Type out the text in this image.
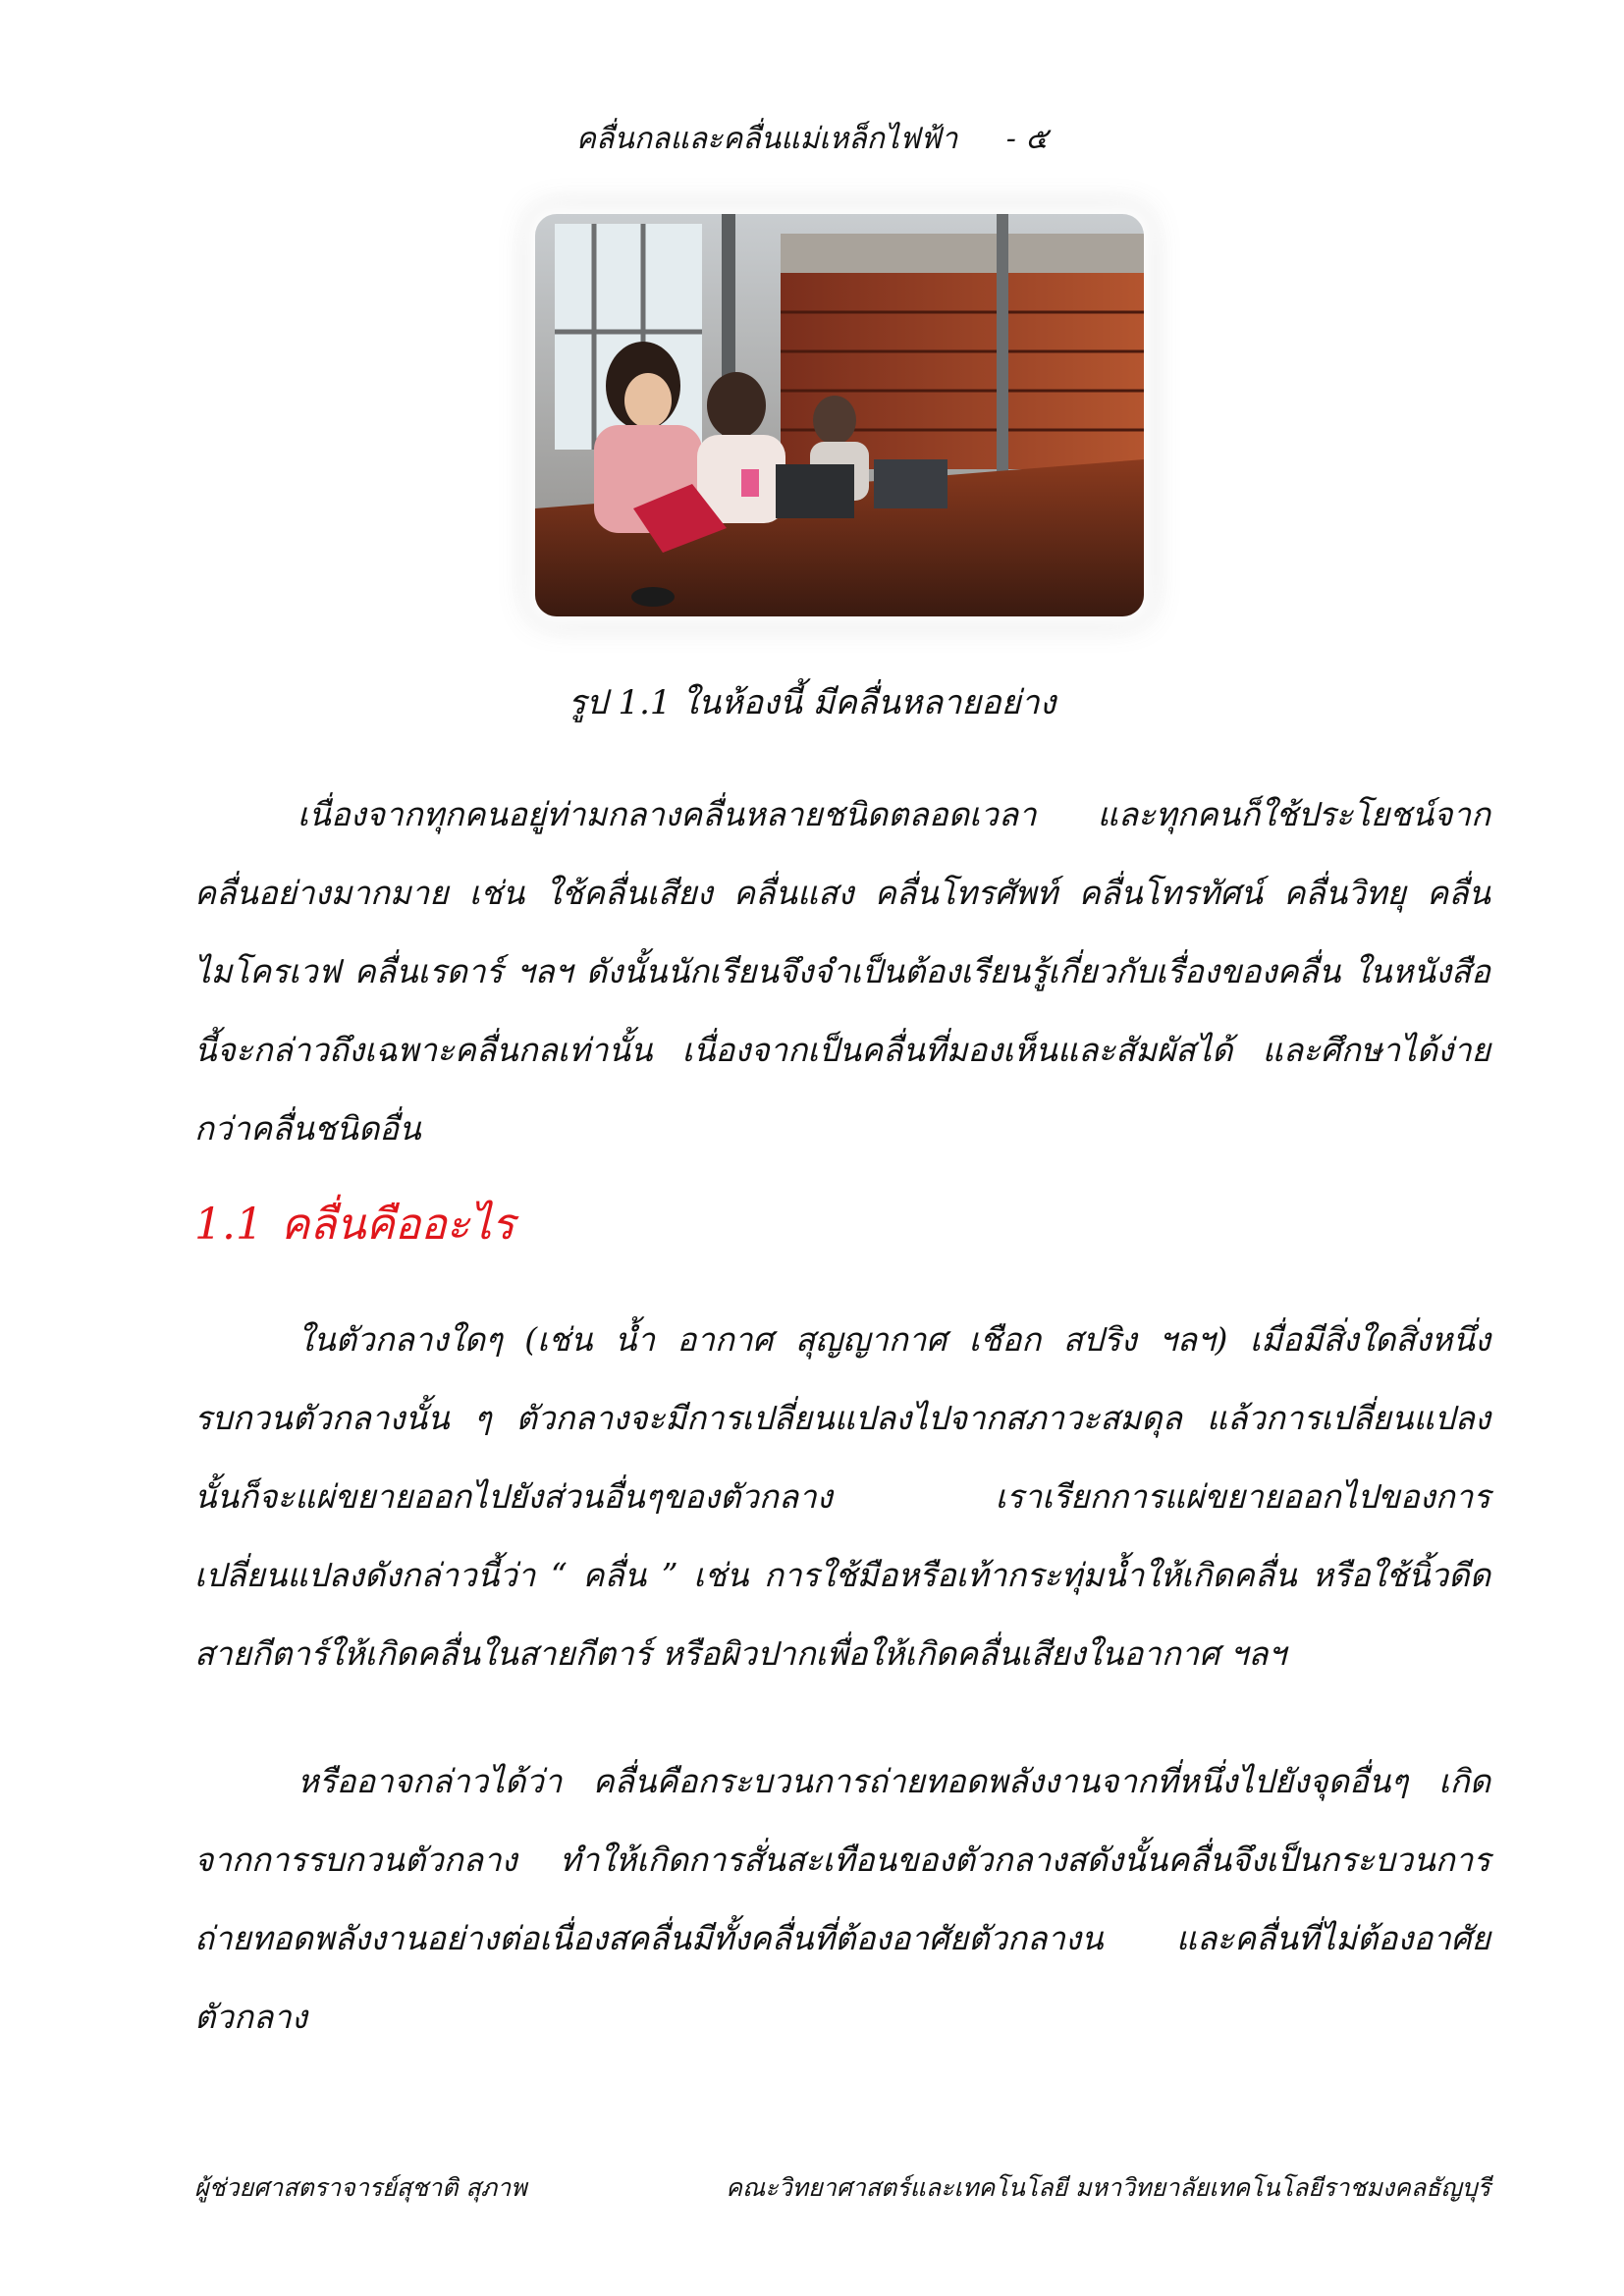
คลื่นกลและคลื่นแม่เหล็กไฟฟ้า - ๕
รูป 1.1 ในห้องนี้ มีคลื่นหลายอย่าง
เนื่องจากทุกคนอยู่ท่ามกลางคลื่นหลายชนิดตลอดเวลา และทุกคนก็ใช้ประโยชน์จากคลื่นอย่างมากมาย เช่น ใช้คลื่นเสียง คลื่นแสง คลื่นโทรศัพท์ คลื่นโทรทัศน์ คลื่นวิทยุ คลื่นไมโครเวฟ คลื่นเรดาร์ ฯลฯ ดังนั้นนักเรียนจึงจำเป็นต้องเรียนรู้เกี่ยวกับเรื่องของคลื่น ในหนังสือนี้จะกล่าวถึงเฉพาะคลื่นกลเท่านั้น เนื่องจากเป็นคลื่นที่มองเห็นและสัมผัสได้ และศึกษาได้ง่ายกว่าคลื่นชนิดอื่น
1.1 คลื่นคืออะไร
ในตัวกลางใดๆ (เช่น น้ำ อากาศ สุญญากาศ เชือก สปริง ฯลฯ) เมื่อมีสิ่งใดสิ่งหนึ่งรบกวนตัวกลางนั้น ๆ ตัวกลางจะมีการเปลี่ยนแปลงไปจากสภาวะสมดุล แล้วการเปลี่ยนแปลงนั้นก็จะแผ่ขยายออกไปยังส่วนอื่นๆของตัวกลาง เราเรียกการแผ่ขยายออกไปของการเปลี่ยนแปลงดังกล่าวนี้ว่า “ คลื่น ” เช่น การใช้มือหรือเท้ากระทุ่มน้ำให้เกิดคลื่น หรือใช้นิ้วดีดสายกีตาร์ให้เกิดคลื่นในสายกีตาร์ หรือผิวปากเพื่อให้เกิดคลื่นเสียงในอากาศ ฯลฯ
หรืออาจกล่าวได้ว่า คลื่นคือกระบวนการถ่ายทอดพลังงานจากที่หนึ่งไปยังจุดอื่นๆ เกิดจากการรบกวนตัวกลาง ทำให้เกิดการสั่นสะเทือนของตัวกลางสดังนั้นคลื่นจึงเป็นกระบวนการถ่ายทอดพลังงานอย่างต่อเนื่องสคลื่นมีทั้งคลื่นที่ต้องอาศัยตัวกลางน และคลื่นที่ไม่ต้องอาศัยตัวกลาง
ผู้ช่วยศาสตราจารย์สุชาติ สุภาพ	คณะวิทยาศาสตร์และเทคโนโลยี มหาวิทยาลัยเทคโนโลยีราชมงคลธัญบุรี
